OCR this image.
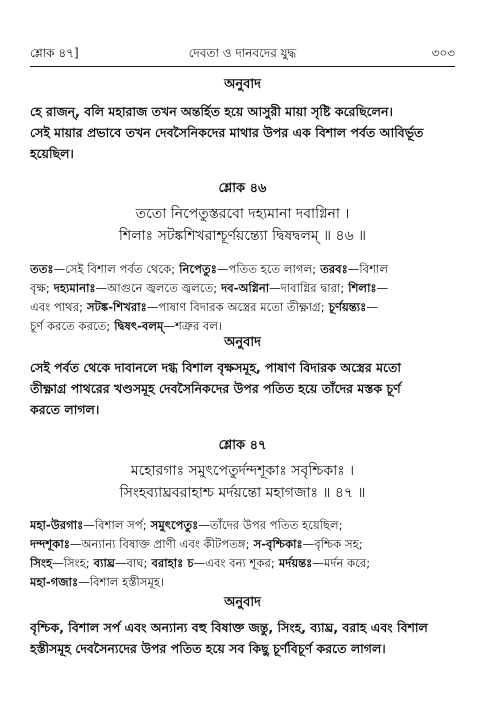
শ্লোক ৪৭]	দেবতা ও দানবদের যুদ্ধ	৩০৩
অনুবাদ
হে রাজন্, বলি মহারাজ তখন অন্তর্হিত হয়ে আসুরী মায়া সৃষ্টি করেছিলেন।
সেই মায়ার প্রভাবে তখন দেবসৈনিকদের মাথার উপর এক বিশাল পর্বত আবির্ভূত
হয়েছিল।
শ্লোক ৪৬
ততো নিপেতুস্তরবো দহ্যমানা দবাগ্নিনা ।
শিলাঃ সটঙ্কশিখরাশ্চূর্ণয়ন্ত্যো দ্বিষদ্বলম্ ॥ ৪৬ ॥
ততঃ—সেই বিশাল পর্বত থেকে; নিপেতুঃ—পতিত হতে লাগল; তরবঃ—বিশাল
বৃক্ষ; দহ্যমানাঃ—আগুনে জ্বলতে জ্বলতে; দব-অগ্নিনা—দাবাগ্নির দ্বারা; শিলাঃ—
এবং পাথর; সটঙ্ক-শিখরাঃ—পাষাণ বিদারক অস্ত্রের মতো তীক্ষ্ণাগ্র; চূর্ণয়ন্ত্যঃ—
চূর্ণ করতে করতে; দ্বিষৎ-বলম্—শত্রুর বল।
অনুবাদ
সেই পর্বত থেকে দাবানলে দগ্ধ বিশাল বৃক্ষসমূহ, পাষাণ বিদারক অস্ত্রের মতো
তীক্ষ্ণাগ্র পাথরের খণ্ডসমূহ দেবসৈনিকদের উপর পতিত হয়ে তাঁদের মস্তক চূর্ণ
করতে লাগল।
শ্লোক ৪৭
মহোরগাঃ সমুৎপেতুর্দন্দশূকাঃ সবৃশ্চিকাঃ ।
সিংহব্যাঘ্রবরাহাশ্চ মর্দয়ন্তো মহাগজাঃ ॥ ৪৭ ॥
মহা-উরগাঃ—বিশাল সর্প; সমুৎপেতুঃ—তাঁদের উপর পতিত হয়েছিল;
দন্দশূকাঃ—অন্যান্য বিষাক্ত প্রাণী এবং কীটপতঙ্গ; স-বৃশ্চিকাঃ—বৃশ্চিক সহ;
সিংহ—সিংহ; ব্যাঘ্র—বাঘ; বরাহাঃ চ—এবং বন্য শূকর; মর্দয়ন্তঃ—মর্দন করে;
মহা-গজাঃ—বিশাল হস্তীসমূহ।
অনুবাদ
বৃশ্চিক, বিশাল সর্প এবং অন্যান্য বহু বিষাক্ত জন্তু, সিংহ, ব্যাঘ্র, বরাহ এবং বিশাল
হস্তীসমূহ দেবসৈন্যদের উপর পতিত হয়ে সব কিছু চূর্ণবিচূর্ণ করতে লাগল।
